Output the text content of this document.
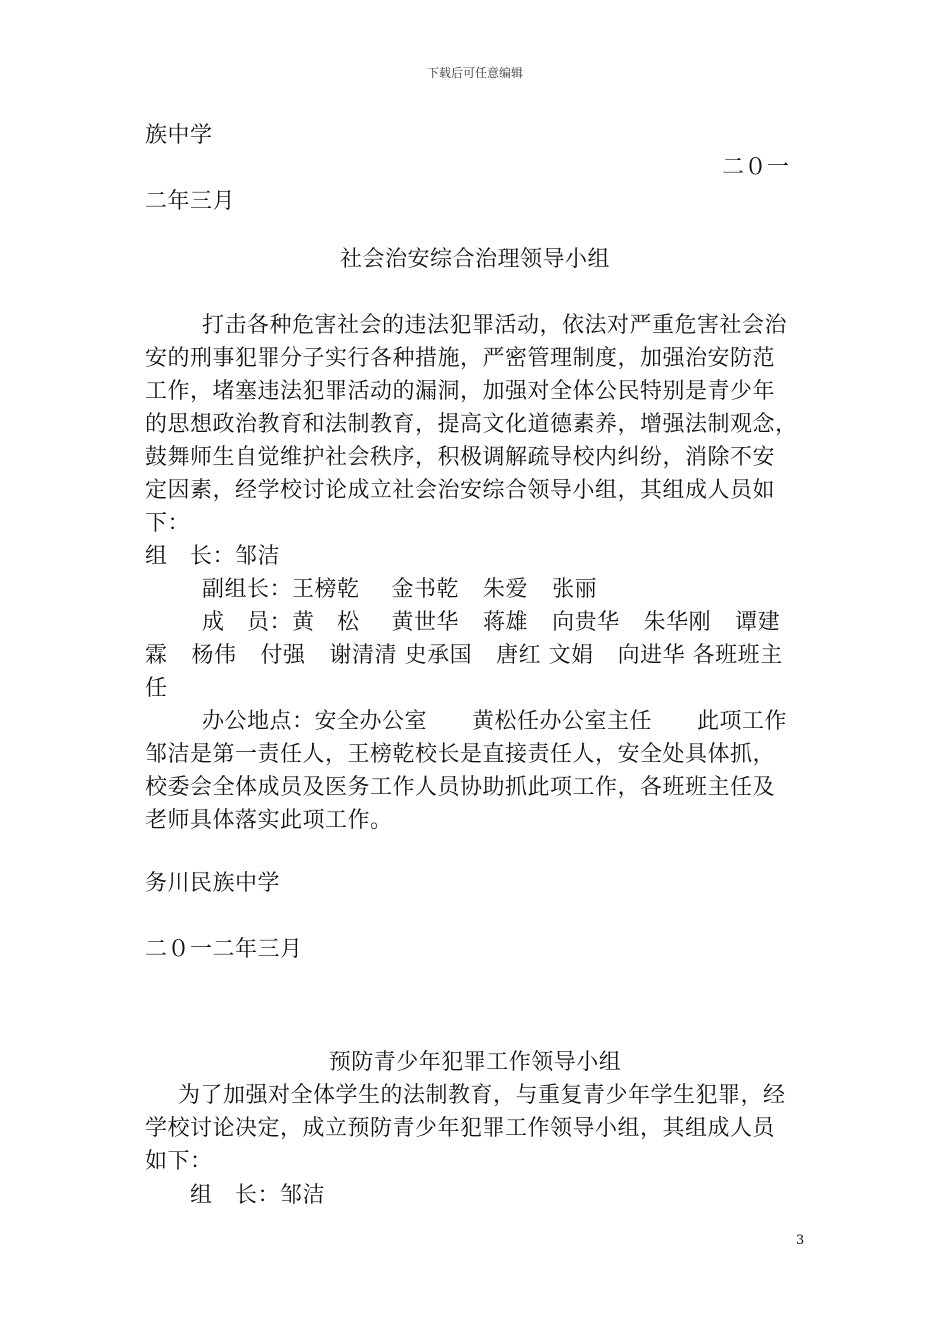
下载后可任意编辑
族中学
二０一
二年三月
社会治安综合治理领导小组
打击各种危害社会的违法犯罪活动，依法对严重危害社会治
安的刑事犯罪分子实行各种措施，严密管理制度，加强治安防范
工作，堵塞违法犯罪活动的漏洞，加强对全体公民特别是青少年
的思想政治教育和法制教育，提高文化道德素养，增强法制观念，
鼓舞师生自觉维护社会秩序，积极调解疏导校内纠纷，消除不安
定因素，经学校讨论成立社会治安综合领导小组，其组成人员如
下：
组　长：邹洁
副组长：王榜乾 金书乾 朱爱 张丽
成　员：黄　松 黄世华 蒋雄 向贵华 朱华刚 谭建
霖 杨伟 付强 谢清清 史承国 唐红 文娟 向进华 各班班主
任
办公地点：安全办公室　　黄松任办公室主任　　此项工作
邹洁是第一责任人，王榜乾校长是直接责任人，安全处具体抓，
校委会全体成员及医务工作人员协助抓此项工作，各班班主任及
老师具体落实此项工作。
务川民族中学
二０一二年三月
预防青少年犯罪工作领导小组
为了加强对全体学生的法制教育，与重复青少年学生犯罪，经
学校讨论决定，成立预防青少年犯罪工作领导小组，其组成人员
如下：
组　长：邹洁
3
